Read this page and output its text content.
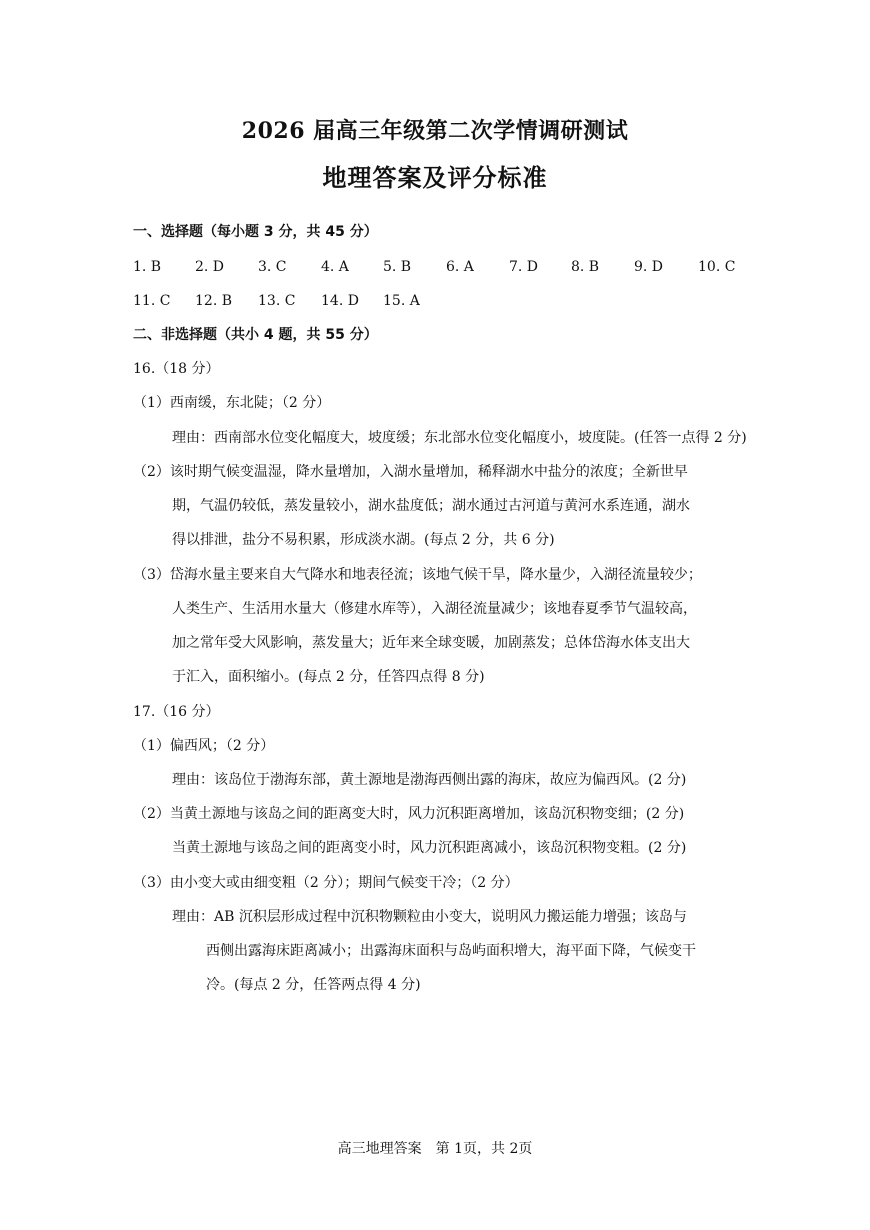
2026 届高三年级第二次学情调研测试
地理答案及评分标准
一、选择题（每小题 3 分，共 45 分）
1. B 2. D 3. C 4. A 5. B 6. A	7. D 8. B 9. D 10. C
11. C 12. B 13. C 14. D 15. A
二、非选择题（共小 4 题，共 55 分）
16.（18 分）
（1）西南缓，东北陡；（2 分）
理由：西南部水位变化幅度大，坡度缓；东北部水位变化幅度小，坡度陡。(任答一点得 2 分)
（2）该时期气候变温湿，降水量增加，入湖水量增加，稀释湖水中盐分的浓度；全新世早
期，气温仍较低，蒸发量较小，湖水盐度低；湖水通过古河道与黄河水系连通，湖水
得以排泄，盐分不易积累，形成淡水湖。(每点 2 分，共 6 分)
（3）岱海水量主要来自大气降水和地表径流；该地气候干旱，降水量少，入湖径流量较少；
人类生产、生活用水量大（修建水库等），入湖径流量减少；该地春夏季节气温较高，
加之常年受大风影响，蒸发量大；近年来全球变暖，加剧蒸发；总体岱海水体支出大
于汇入，面积缩小。(每点 2 分，任答四点得 8 分)
17.（16 分）
（1）偏西风；（2 分）
理由：该岛位于渤海东部，黄土源地是渤海西侧出露的海床，故应为偏西风。(2 分)
（2）当黄土源地与该岛之间的距离变大时，风力沉积距离增加，该岛沉积物变细；(2 分)
当黄土源地与该岛之间的距离变小时，风力沉积距离减小，该岛沉积物变粗。(2 分)
（3）由小变大或由细变粗（2 分）；期间气候变干冷；（2 分）
理由：AB 沉积层形成过程中沉积物颗粒由小变大，说明风力搬运能力增强；该岛与
西侧出露海床距离减小；出露海床面积与岛屿面积增大，海平面下降，气候变干
冷。(每点 2 分，任答两点得 4 分)
高三地理答案　第 1页，共 2页
